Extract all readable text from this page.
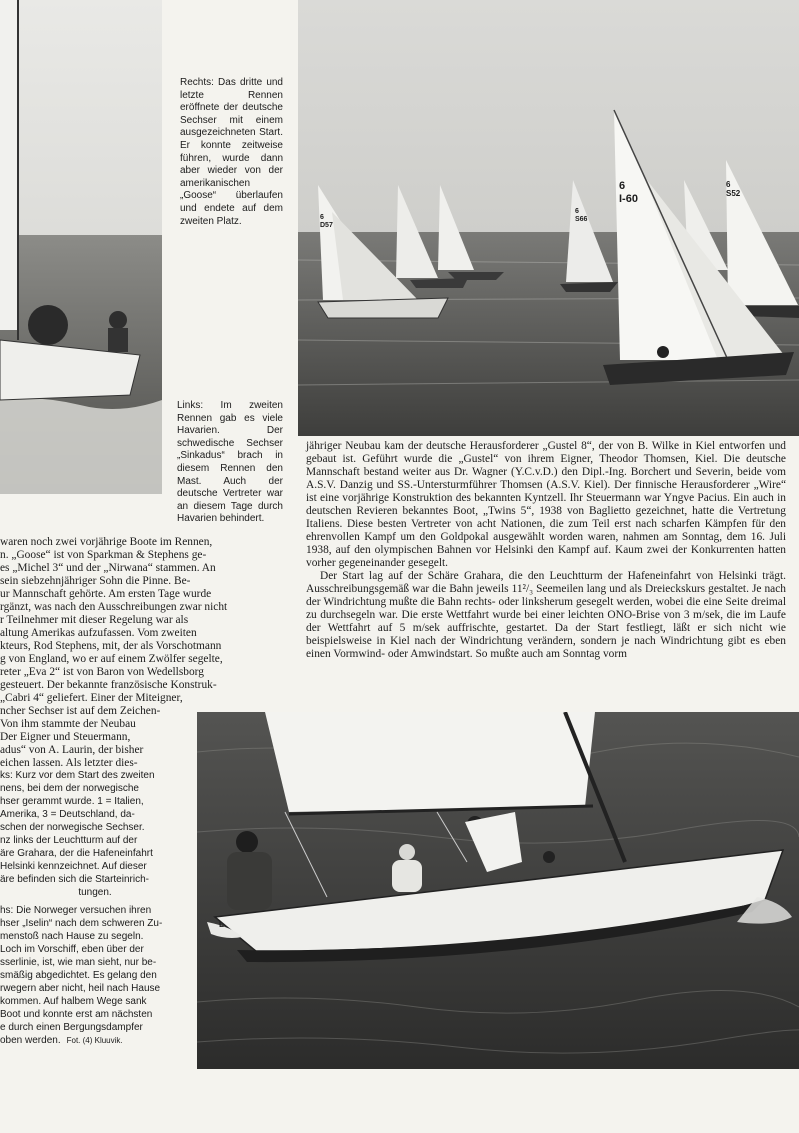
6
I-60
6
S52
6
D57
6
S66
L

Rechts: Das dritte und letzte Rennen eröffnete der deutsche Sechser mit einem ausgezeichneten Start. Er konnte zeitweise führen, wurde dann aber wieder von der amerikanischen „Goose“ überlaufen und endete auf dem zweiten Platz.

Links: Im zweiten Rennen gab es viele Havarien. Der schwedische Sechser „Sinkadus“ brach in diesem Rennen den Mast. Auch der deutsche Vertreter war an diesem Tage durch Havarien behindert.

ks: Kurz vor dem Start des zweiten
nens, bei dem der norwegische
hser gerammt wurde. 1 = Italien,
Amerika, 3 = Deutschland, da-
schen der norwegische Sechser.
nz links der Leuchtturm auf der
äre Grahara, der die Hafeneinfahrt
Helsinki kennzeichnet. Auf dieser
äre befinden sich die Starteinrich-
tungen.
hs: Die Norweger versuchen ihren
hser „Iselin“ nach dem schweren Zu-
menstoß nach Hause zu segeln.
Loch im Vorschiff, eben über der
sserlinie, ist, wie man sieht, nur be-
smäßig abgedichtet. Es gelang den
rwegern aber nicht, heil nach Hause
kommen. Auf halbem Wege sank
Boot und konnte erst am nächsten
e durch einen Bergungsdampfer
oben werden. Fot. (4) Kluuvik.

jähriger Neubau kam der deutsche Herausforderer „Gustel 8“, der von B. Wilke in Kiel entworfen und gebaut ist. Geführt wurde die „Gustel“ von ihrem Eigner, Theodor Thomsen, Kiel. Die deutsche Mannschaft bestand weiter aus Dr. Wagner (Y.C.v.D.) den Dipl.-Ing. Borchert und Severin, beide vom A.S.V. Danzig und SS.-Untersturmführer Thomsen (A.S.V. Kiel). Der finnische Herausforderer „Wire“ ist eine vorjährige Konstruktion des bekannten Kyntzell. Ihr Steuermann war Yngve Pacius. Ein auch in deutschen Revieren bekanntes Boot, „Twins 5“, 1938 von Baglietto gezeichnet, hatte die Vertretung Italiens. Diese besten Vertreter von acht Nationen, die zum Teil erst nach scharfen Kämpfen für den ehrenvollen Kampf um den Goldpokal ausgewählt worden waren, nahmen am Sonntag, dem 16. Juli 1938, auf den olympischen Bahnen vor Helsinki den Kampf auf. Kaum zwei der Konkurrenten hatten vorher gegeneinander gesegelt.

Der Start lag auf der Schäre Grahara, die den Leuchtturm der Hafeneinfahrt von Helsinki trägt. Ausschreibungsgemäß war die Bahn jeweils 11²/₃ Seemeilen lang und als Dreieckskurs gestaltet. Je nach der Windrichtung mußte die Bahn rechts- oder linksherum gesegelt werden, wobei die eine Seite dreimal zu durchsegeln war. Die erste Wettfahrt wurde bei einer leichten ONO-Brise von 3 m/sek, die im Laufe der Wettfahrt auf 5 m/sek auffrischte, gestartet. Da der Start festliegt, läßt er sich nicht wie beispielsweise in Kiel nach der Windrichtung verändern, sondern je nach Windrichtung gibt es eben einen Vormwind- oder Amwindstart. So mußte auch am Sonntag vorm

waren noch zwei vorjährige Boote im Rennen,
n. „Goose“ ist von Sparkman & Stephens ge-
es „Michel 3“ und der „Nirwana“ stammen. An
sein siebzehnjähriger Sohn die Pinne. Be-
ur Mannschaft gehörte. Am ersten Tage wurde
rgänzt, was nach den Ausschreibungen zwar nicht
r Teilnehmer mit dieser Regelung war als
altung Amerikas aufzufassen. Vom zweiten
kteurs, Rod Stephens, mit, der als Vorschotmann
g von England, wo er auf einem Zwölfer segelte,
reter „Eva 2“ ist von Baron von Wedellsborg
gesteuert. Der bekannte französische Konstruk-
„Cabri 4“ geliefert. Einer der Miteigner,
ncher Sechser ist auf dem Zeichen-
Von ihm stammte der Neubau
Der Eigner und Steuermann,
adus“ von A. Laurin, der bisher
eichen lassen. Als letzter dies-
